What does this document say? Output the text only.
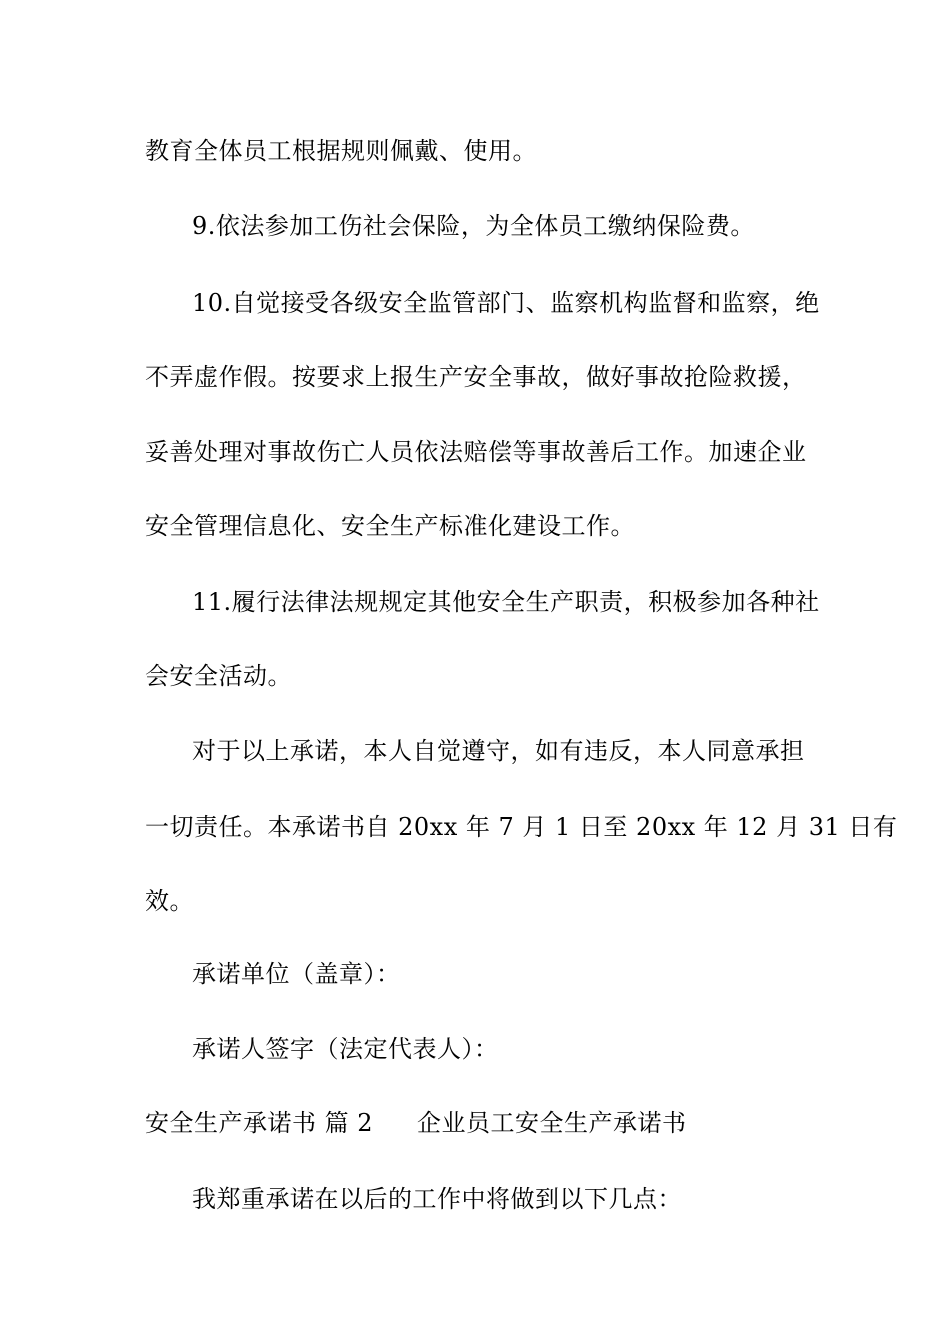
教育全体员工根据规则佩戴、使用。
9.依法参加工伤社会保险，为全体员工缴纳保险费。
10.自觉接受各级安全监管部门、监察机构监督和监察，绝
不弄虚作假。按要求上报生产安全事故，做好事故抢险救援，
妥善处理对事故伤亡人员依法赔偿等事故善后工作。加速企业
安全管理信息化、安全生产标准化建设工作。
11.履行法律法规规定其他安全生产职责，积极参加各种社
会安全活动。
对于以上承诺，本人自觉遵守，如有违反，本人同意承担
一切责任。本承诺书自 20xx 年 7 月 1 日至 20xx 年 12 月 31 日有
效。
承诺单位（盖章）：
承诺人签字（法定代表人）：
安全生产承诺书 篇 2 企业员工安全生产承诺书
我郑重承诺在以后的工作中将做到以下几点：
